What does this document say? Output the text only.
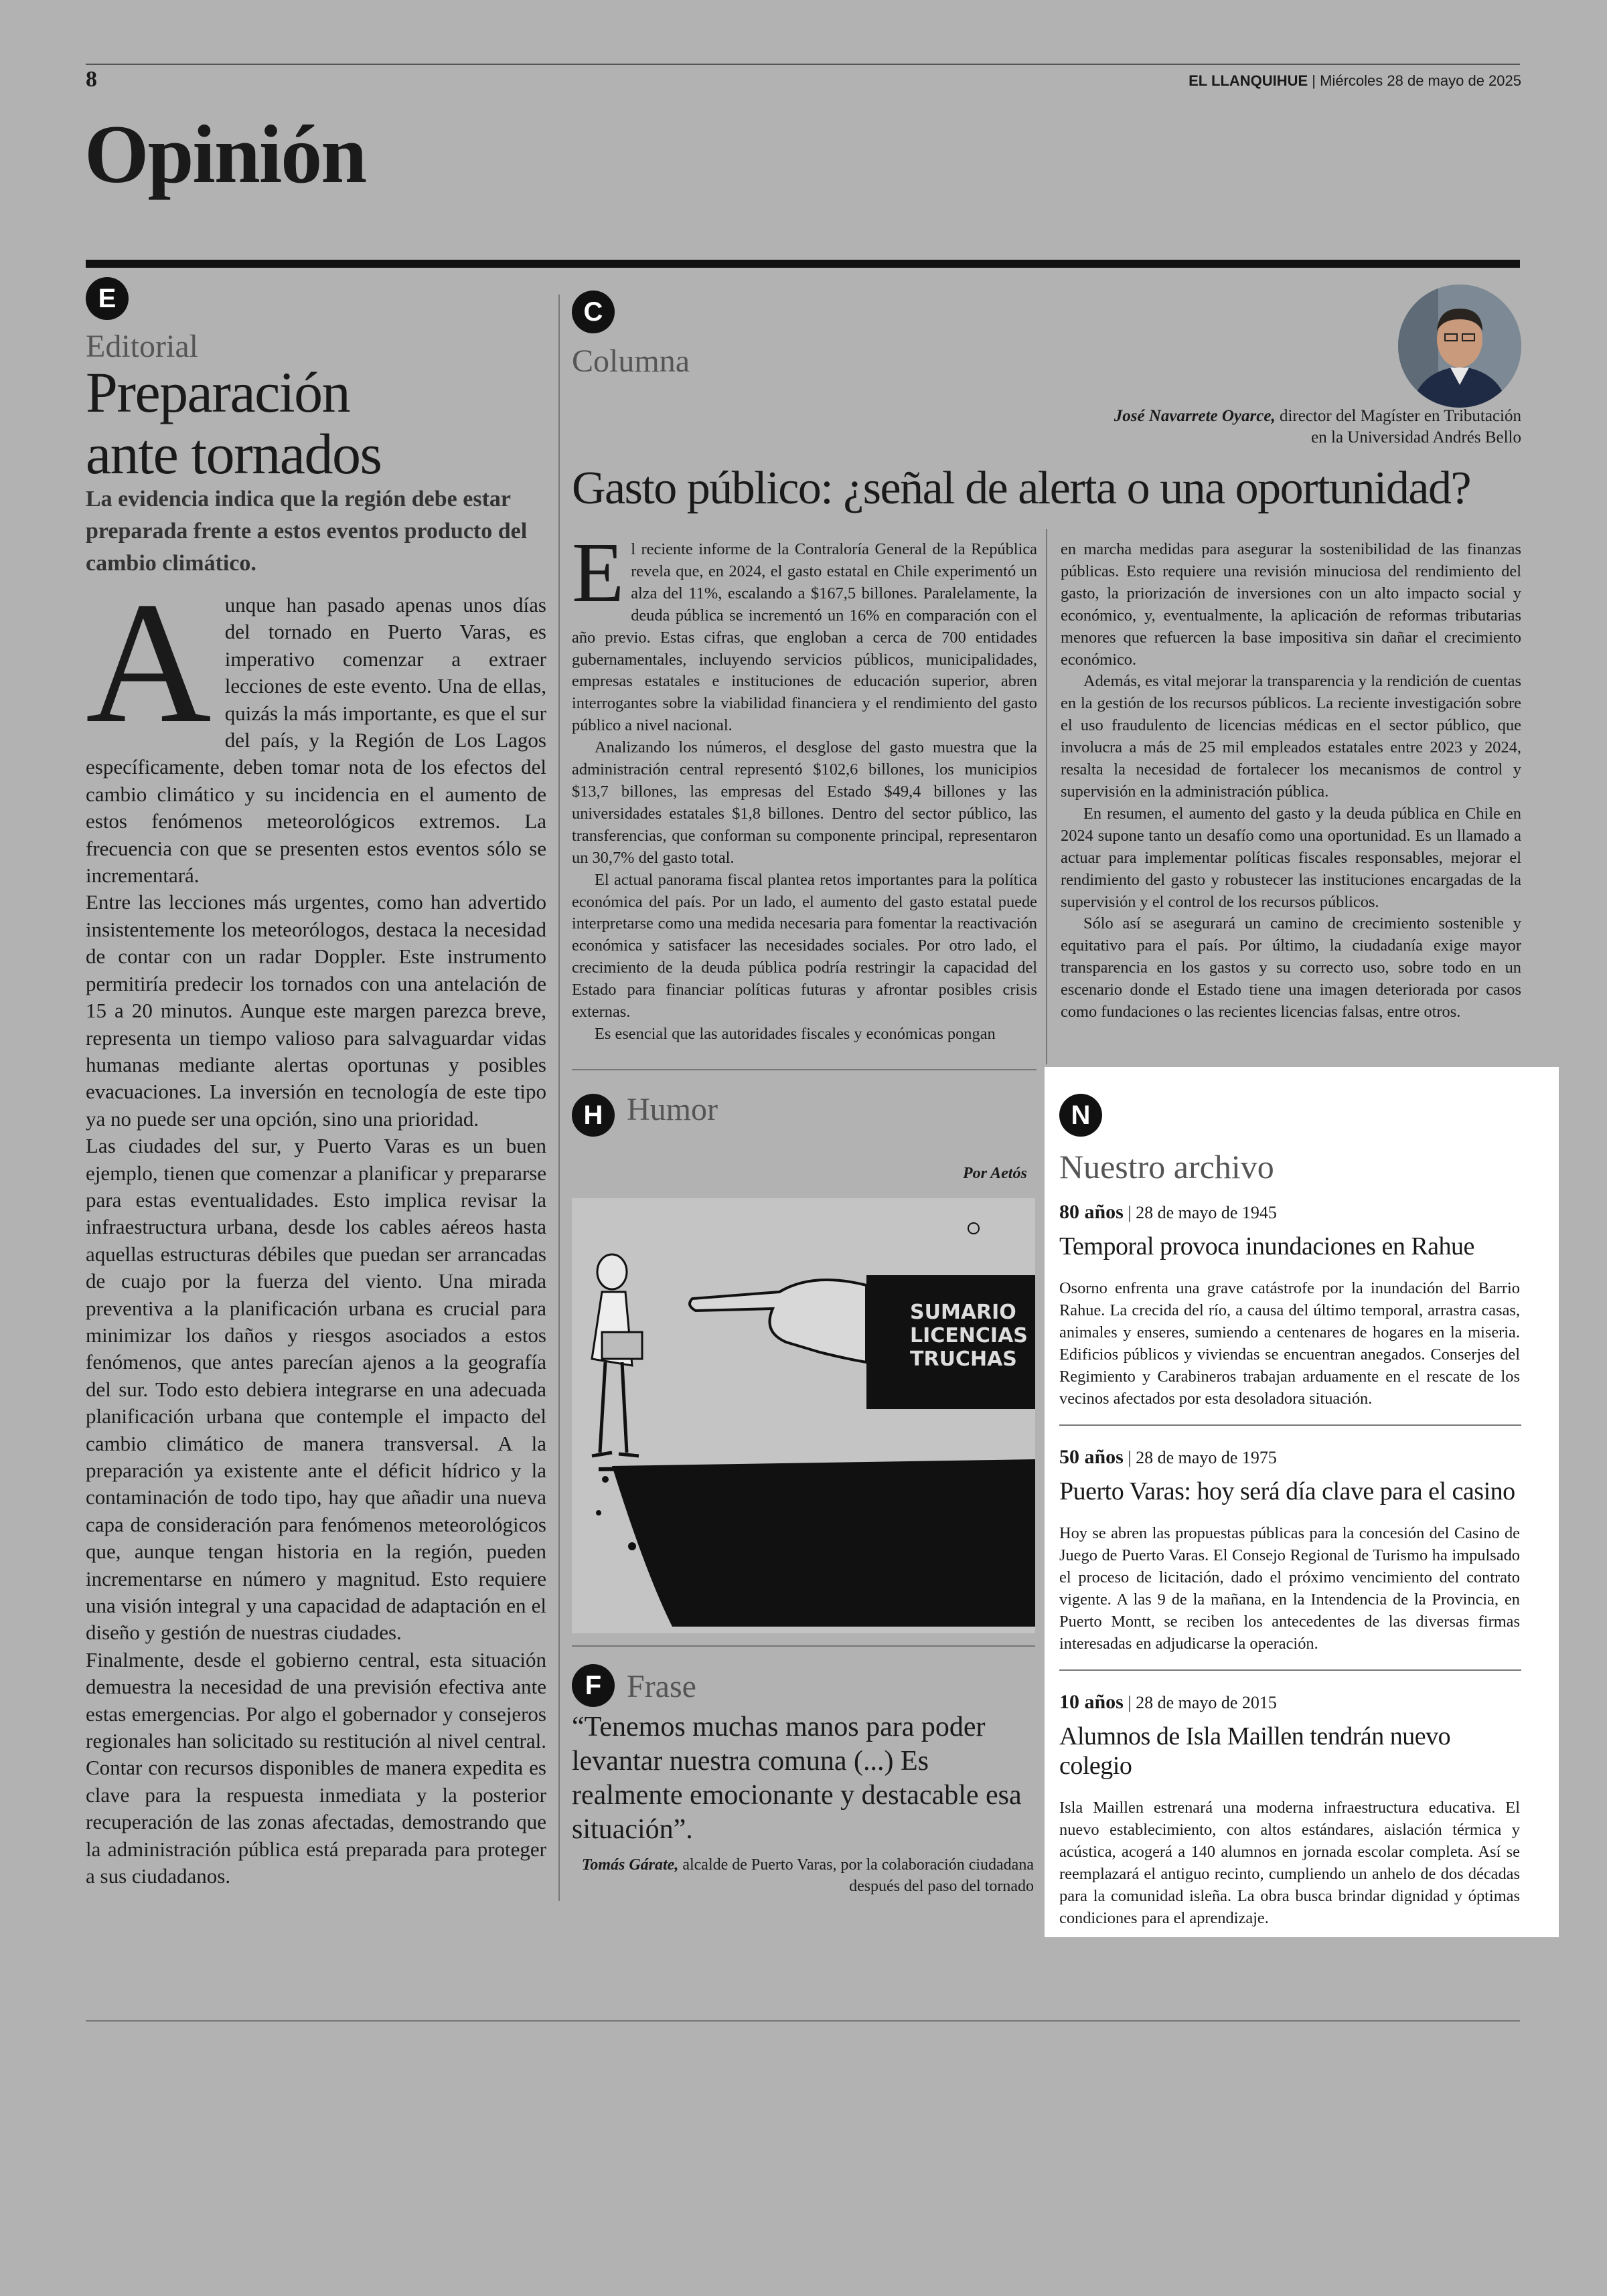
8	EL LLANQUIHUE | Miércoles 28 de mayo de 2025
Opinión
E
Editorial
Preparación
ante tornados
La evidencia indica que la región debe estar preparada frente a estos eventos producto del cambio climático.

Aunque han pasado apenas unos días del tornado en Puerto Varas, es imperativo comenzar a extraer lecciones de este evento. Una de ellas, quizás la más importante, es que el sur del país, y la Región de Los Lagos específicamente, deben tomar nota de los efectos del cambio climático y su incidencia en el aumento de estos fenómenos meteorológicos extremos. La frecuencia con que se presenten estos eventos sólo se incrementará.

Entre las lecciones más urgentes, como han advertido insistentemente los meteorólogos, destaca la necesidad de contar con un radar Doppler. Este instrumento permitiría predecir los tornados con una antelación de 15 a 20 minutos. Aunque este margen parezca breve, representa un tiempo valioso para salvaguardar vidas humanas mediante alertas oportunas y posibles evacuaciones. La inversión en tecnología de este tipo ya no puede ser una opción, sino una prioridad.

Las ciudades del sur, y Puerto Varas es un buen ejemplo, tienen que comenzar a planificar y prepararse para estas eventualidades. Esto implica revisar la infraestructura urbana, desde los cables aéreos hasta aquellas estructuras débiles que puedan ser arrancadas de cuajo por la fuerza del viento. Una mirada preventiva a la planificación urbana es crucial para minimizar los daños y riesgos asociados a estos fenómenos, que antes parecían ajenos a la geografía del sur. Todo esto debiera integrarse en una adecuada planificación urbana que contemple el impacto del cambio climático de manera transversal. A la preparación ya existente ante el déficit hídrico y la contaminación de todo tipo, hay que añadir una nueva capa de consideración para fenómenos meteorológicos que, aunque tengan historia en la región, pueden incrementarse en número y magnitud. Esto requiere una visión integral y una capacidad de adaptación en el diseño y gestión de nuestras ciudades.

Finalmente, desde el gobierno central, esta situación demuestra la necesidad de una previsión efectiva ante estas emergencias. Por algo el gobernador y consejeros regionales han solicitado su restitución al nivel central. Contar con recursos disponibles de manera expedita es clave para la respuesta inmediata y la posterior recuperación de las zonas afectadas, demostrando que la administración pública está preparada para proteger a sus ciudadanos.

C
Columna
José Navarrete Oyarce, director del Magíster en Tributación en la Universidad Andrés Bello
Gasto público: ¿señal de alerta o una oportunidad?

El reciente informe de la Contraloría General de la República revela que, en 2024, el gasto estatal en Chile experimentó un alza del 11%, escalando a $167,5 billones. Paralelamente, la deuda pública se incrementó un 16% en comparación con el año previo. Estas cifras, que engloban a cerca de 700 entidades gubernamentales, incluyendo servicios públicos, municipalidades, empresas estatales e instituciones de educación superior, abren interrogantes sobre la viabilidad financiera y el rendimiento del gasto público a nivel nacional.

Analizando los números, el desglose del gasto muestra que la administración central representó $102,6 billones, los municipios $13,7 billones, las empresas del Estado $49,4 billones y las universidades estatales $1,8 billones. Dentro del sector público, las transferencias, que conforman su componente principal, representaron un 30,7% del gasto total.

El actual panorama fiscal plantea retos importantes para la política económica del país. Por un lado, el aumento del gasto estatal puede interpretarse como una medida necesaria para fomentar la reactivación económica y satisfacer las necesidades sociales. Por otro lado, el crecimiento de la deuda pública podría restringir la capacidad del Estado para financiar políticas futuras y afrontar posibles crisis externas.

Es esencial que las autoridades fiscales y económicas pongan

en marcha medidas para asegurar la sostenibilidad de las finanzas públicas. Esto requiere una revisión minuciosa del rendimiento del gasto, la priorización de inversiones con un alto impacto social y económico, y, eventualmente, la aplicación de reformas tributarias menores que refuercen la base impositiva sin dañar el crecimiento económico.

Además, es vital mejorar la transparencia y la rendición de cuentas en la gestión de los recursos públicos. La reciente investigación sobre el uso fraudulento de licencias médicas en el sector público, que involucra a más de 25 mil empleados estatales entre 2023 y 2024, resalta la necesidad de fortalecer los mecanismos de control y supervisión en la administración pública.

En resumen, el aumento del gasto y la deuda pública en Chile en 2024 supone tanto un desafío como una oportunidad. Es un llamado a actuar para implementar políticas fiscales responsables, mejorar el rendimiento del gasto y robustecer las instituciones encargadas de la supervisión y el control de los recursos públicos.

Sólo así se asegurará un camino de crecimiento sostenible y equitativo para el país. Por último, la ciudadanía exige mayor transparencia en los gastos y su correcto uso, sobre todo en un escenario donde el Estado tiene una imagen deteriorada por casos como fundaciones o las recientes licencias falsas, entre otros.

H Humor
Por Aetós
SUMARIO
LICENCIAS
TRUCHAS
F Frase
“Tenemos muchas manos para poder levantar nuestra comuna (...) Es realmente emocionante y destacable esa situación”.
Tomás Gárate, alcalde de Puerto Varas, por la colaboración ciudadana después del paso del tornado
N
Nuestro archivo
80 años | 28 de mayo de 1945
Temporal provoca inundaciones en Rahue
Osorno enfrenta una grave catástrofe por la inundación del Barrio Rahue. La crecida del río, a causa del último temporal, arrastra casas, animales y enseres, sumiendo a centenares de hogares en la miseria. Edificios públicos y viviendas se encuentran anegados. Conserjes del Regimiento y Carabineros trabajan arduamente en el rescate de los vecinos afectados por esta desoladora situación.
50 años | 28 de mayo de 1975
Puerto Varas: hoy será día clave para el casino
Hoy se abren las propuestas públicas para la concesión del Casino de Juego de Puerto Varas. El Consejo Regional de Turismo ha impulsado el proceso de licitación, dado el próximo vencimiento del contrato vigente. A las 9 de la mañana, en la Intendencia de la Provincia, en Puerto Montt, se reciben los antecedentes de las diversas firmas interesadas en adjudicarse la operación.
10 años | 28 de mayo de 2015
Alumnos de Isla Maillen tendrán nuevo colegio
Isla Maillen estrenará una moderna infraestructura educativa. El nuevo establecimiento, con altos estándares, aislación térmica y acústica, acogerá a 140 alumnos en jornada escolar completa. Así se reemplazará el antiguo recinto, cumpliendo un anhelo de dos décadas para la comunidad isleña. La obra busca brindar dignidad y óptimas condiciones para el aprendizaje.
